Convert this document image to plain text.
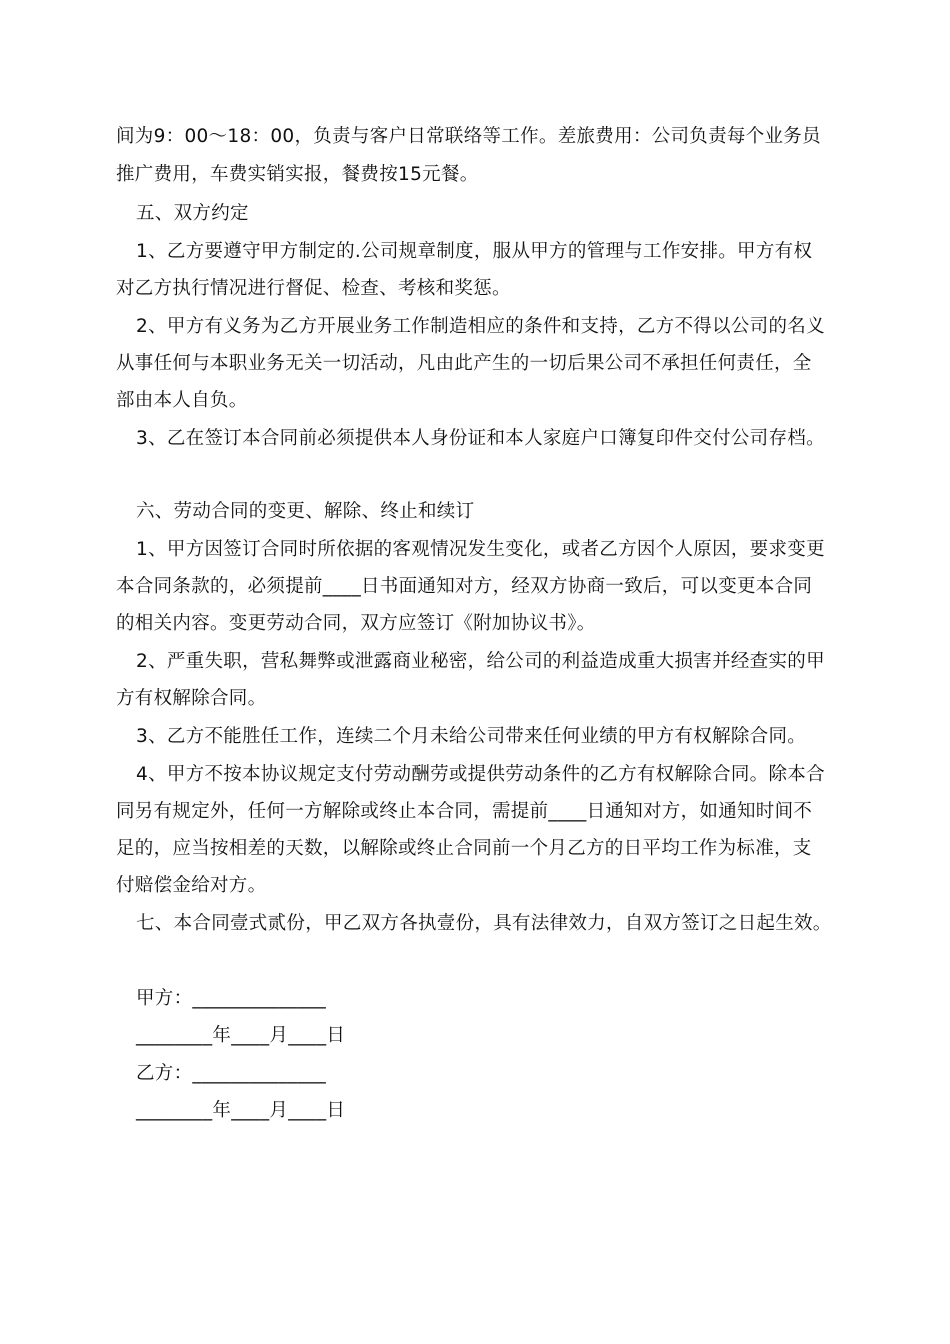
间为9：00～18：00，负责与客户日常联络等工作。差旅费用：公司负责每个业务员
推广费用，车费实销实报，餐费按15元餐。
五、双方约定
1、乙方要遵守甲方制定的.公司规章制度，服从甲方的管理与工作安排。甲方有权
对乙方执行情况进行督促、检查、考核和奖惩。
2、甲方有义务为乙方开展业务工作制造相应的条件和支持，乙方不得以公司的名义
从事任何与本职业务无关一切活动，凡由此产生的一切后果公司不承担任何责任，全
部由本人自负。
3、乙在签订本合同前必须提供本人身份证和本人家庭户口簿复印件交付公司存档。
六、劳动合同的变更、解除、终止和续订
1、甲方因签订合同时所依据的客观情况发生变化，或者乙方因个人原因，要求变更
本合同条款的，必须提前____日书面通知对方，经双方协商一致后，可以变更本合同
的相关内容。变更劳动合同，双方应签订《附加协议书》。
2、严重失职，营私舞弊或泄露商业秘密，给公司的利益造成重大损害并经查实的甲
方有权解除合同。
3、乙方不能胜任工作，连续二个月未给公司带来任何业绩的甲方有权解除合同。
4、甲方不按本协议规定支付劳动酬劳或提供劳动条件的乙方有权解除合同。除本合
同另有规定外，任何一方解除或终止本合同，需提前____日通知对方，如通知时间不
足的，应当按相差的天数，以解除或终止合同前一个月乙方的日平均工作为标准，支
付赔偿金给对方。
七、本合同壹式贰份，甲乙双方各执壹份，具有法律效力，自双方签订之日起生效。
甲方：______________
________年____月____日
乙方：______________
________年____月____日
